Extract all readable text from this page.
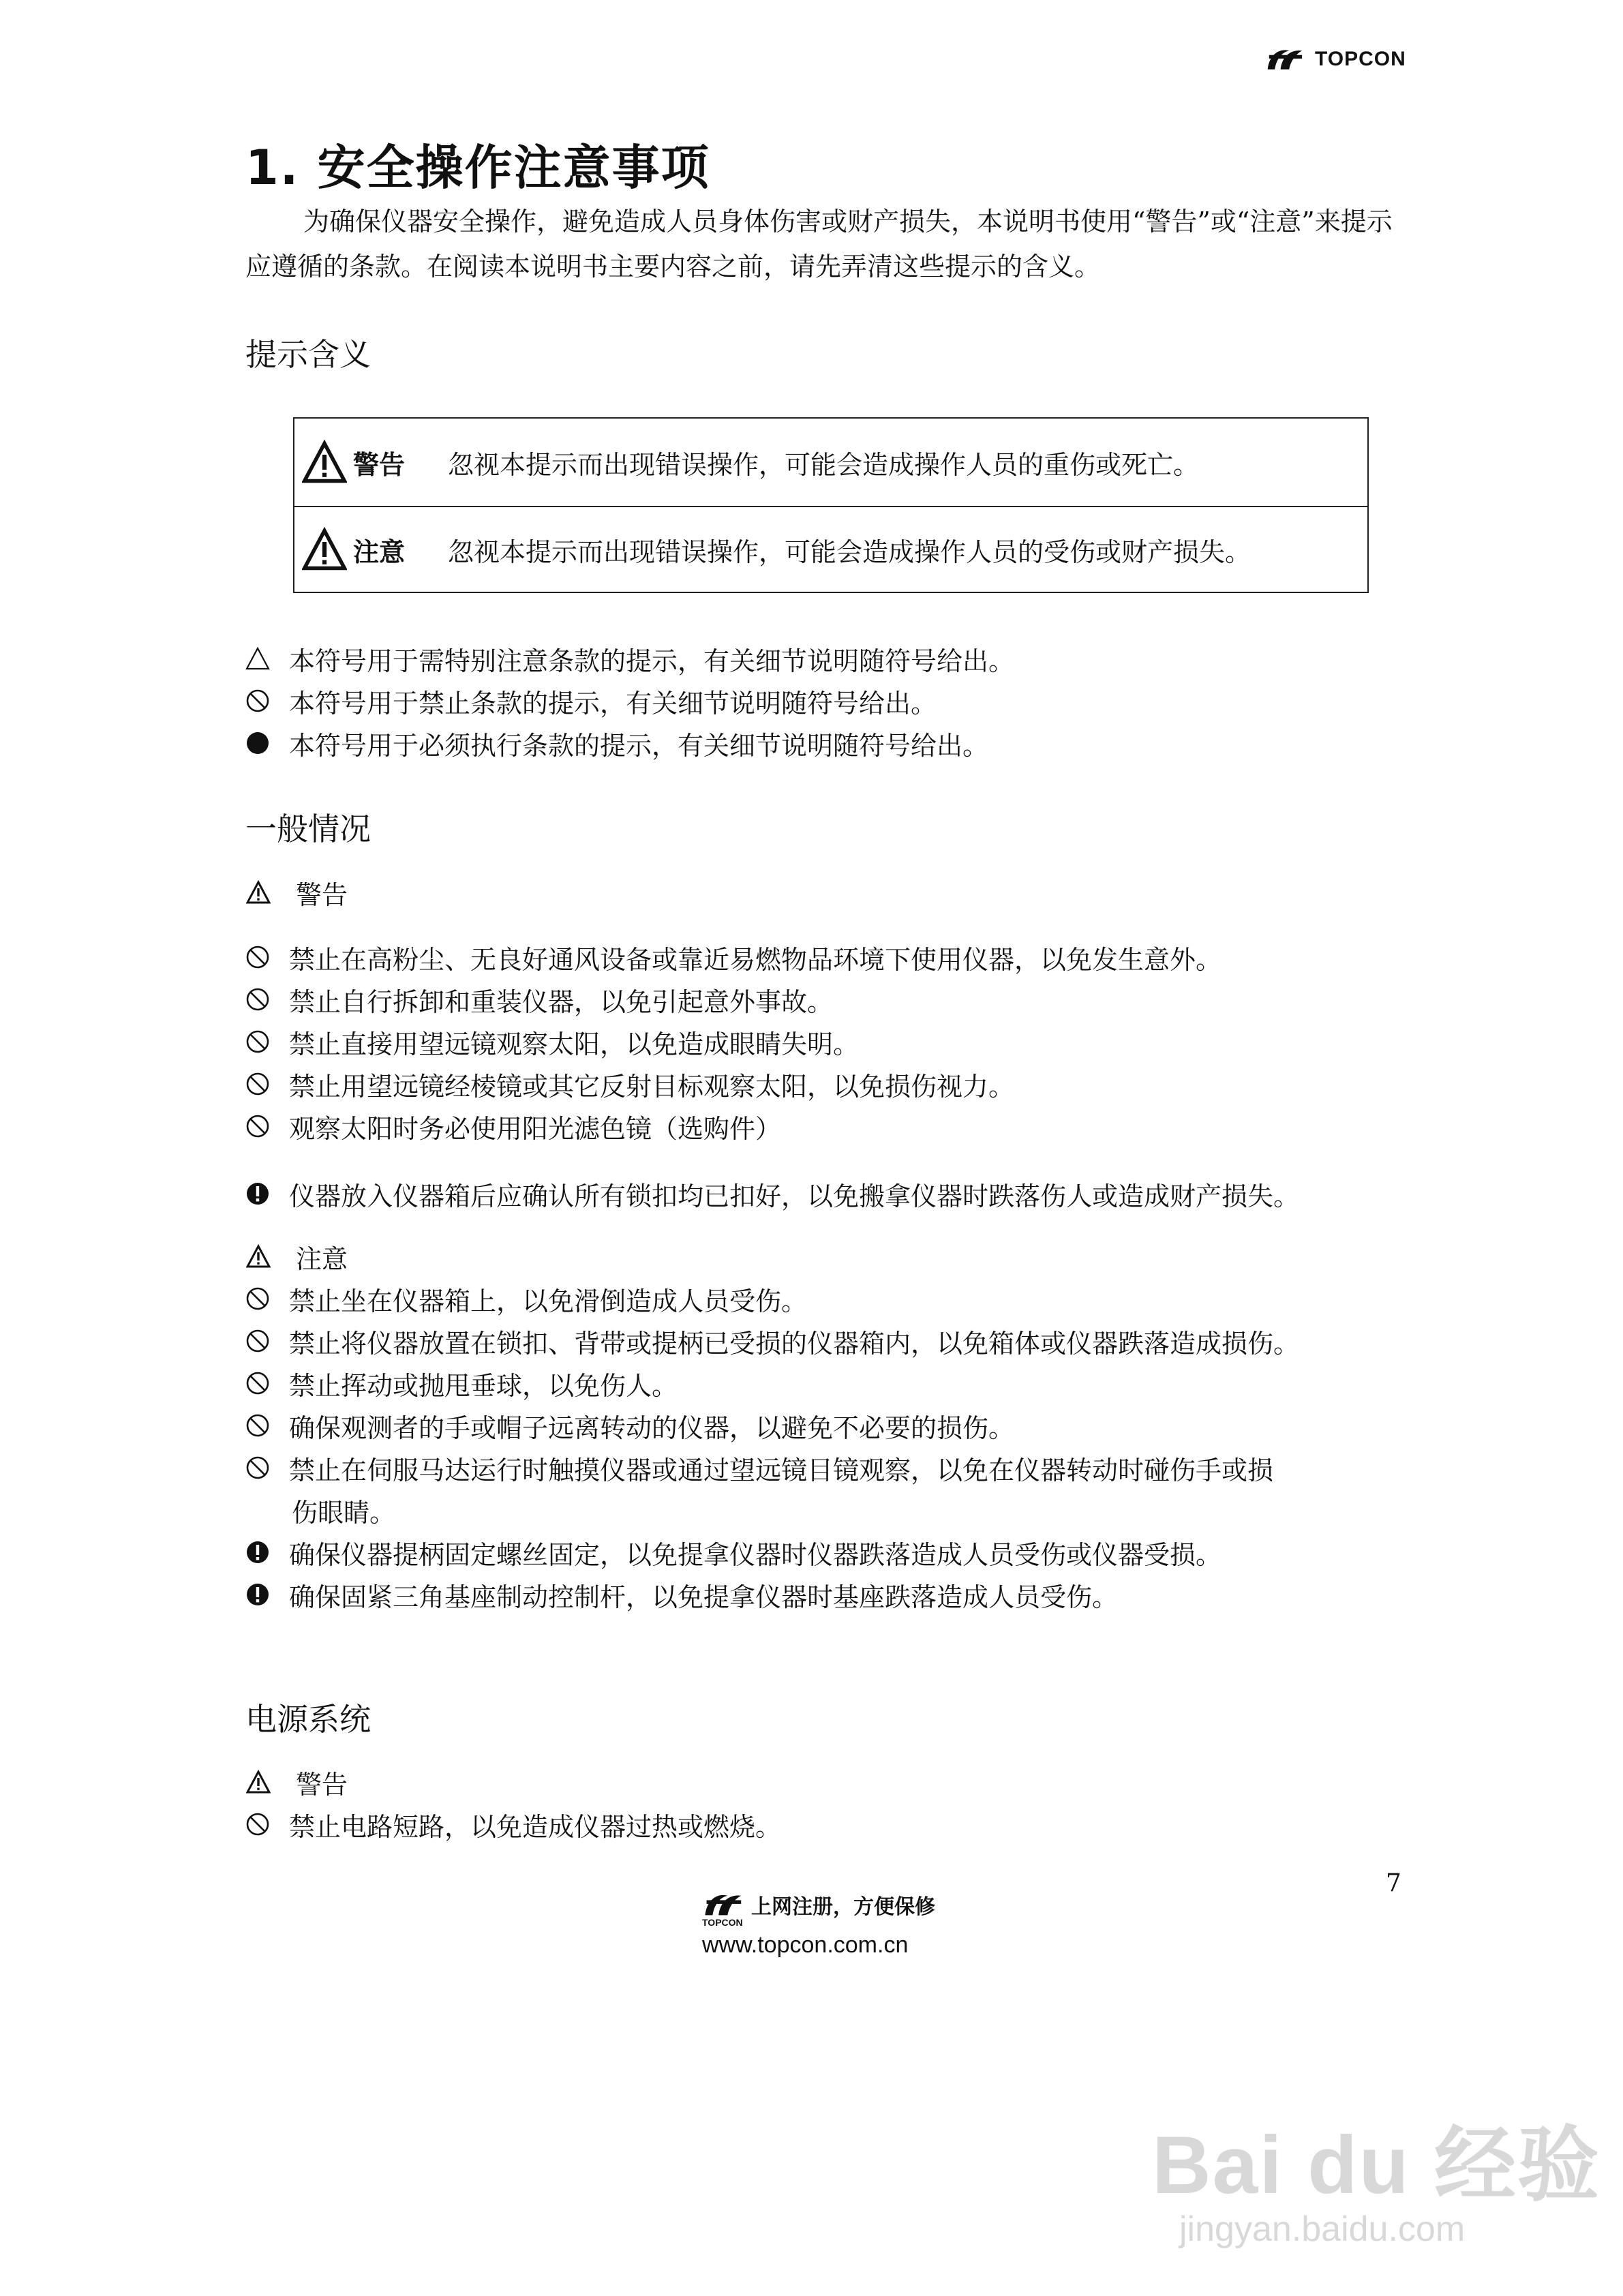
TOPCON
1. 安全操作注意事项
为确保仪器安全操作，避免造成人员身体伤害或财产损失，本说明书使用“警告”或“注意”来提示应遵循的条款。在阅读本说明书主要内容之前，请先弄清这些提示的含义。
提示含义
警告	忽视本提示而出现错误操作，可能会造成操作人员的重伤或死亡。
注意	忽视本提示而出现错误操作，可能会造成操作人员的受伤或财产损失。
本符号用于需特别注意条款的提示，有关细节说明随符号给出。
本符号用于禁止条款的提示，有关细节说明随符号给出。
本符号用于必须执行条款的提示，有关细节说明随符号给出。
一般情况
警告
禁止在高粉尘、无良好通风设备或靠近易燃物品环境下使用仪器，以免发生意外。
禁止自行拆卸和重装仪器，以免引起意外事故。
禁止直接用望远镜观察太阳，以免造成眼睛失明。
禁止用望远镜经棱镜或其它反射目标观察太阳，以免损伤视力。
观察太阳时务必使用阳光滤色镜（选购件）
仪器放入仪器箱后应确认所有锁扣均已扣好，以免搬拿仪器时跌落伤人或造成财产损失。
注意
禁止坐在仪器箱上，以免滑倒造成人员受伤。
禁止将仪器放置在锁扣、背带或提柄已受损的仪器箱内，以免箱体或仪器跌落造成损伤。
禁止挥动或抛甩垂球，以免伤人。
确保观测者的手或帽子远离转动的仪器，以避免不必要的损伤。
禁止在伺服马达运行时触摸仪器或通过望远镜目镜观察，以免在仪器转动时碰伤手或损
伤眼睛。
确保仪器提柄固定螺丝固定，以免提拿仪器时仪器跌落造成人员受伤或仪器受损。
确保固紧三角基座制动控制杆，以免提拿仪器时基座跌落造成人员受伤。
电源系统
警告
禁止电路短路，以免造成仪器过热或燃烧。
7
上网注册，方便保修
TOPCON
www.topcon.com.cn
Bai du 经验
jingyan.baidu.com
